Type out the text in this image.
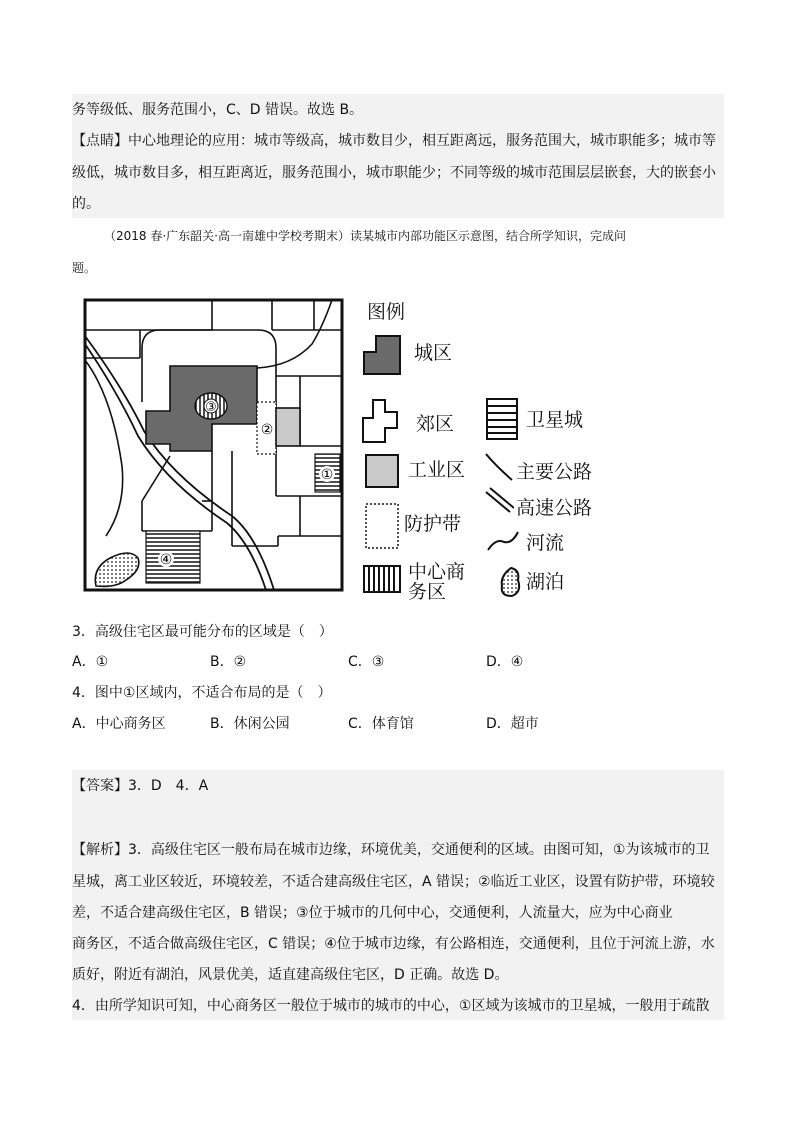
务等级低、服务范围小，C、D 错误。故选 B。
【点睛】中心地理论的应用：城市等级高，城市数目少，相互距离远，服务范围大，城市职能多；城市等
级低，城市数目多，相互距离近，服务范围小，城市职能少；不同等级的城市范围层层嵌套，大的嵌套小
的。
（2018 春·广东韶关·高一南雄中学校考期末）读某城市内部功能区示意图，结合所学知识，完成问
题。
③
②
①
④
图例
城区
郊区	卫星城
工业区	主要公路
高速公路
防护带
河流
中心商
务区	湖泊
3．高级住宅区最可能分布的区域是（　）
A．①	B．②	C．③	D．④
4．图中①区域内，不适合布局的是（　）
A．中心商务区	B．休闲公园	C．体育馆	D．超市
【答案】3．D　4．A
【解析】3．高级住宅区一般布局在城市边缘，环境优美，交通便利的区域。由图可知，①为该城市的卫
星城，离工业区较近，环境较差，不适合建高级住宅区，A 错误；②临近工业区，设置有防护带，环境较
差，不适合建高级住宅区，B 错误；③位于城市的几何中心，交通便利，人流量大，应为中心商业
商务区，不适合做高级住宅区，C 错误；④位于城市边缘，有公路相连，交通便利，且位于河流上游，水
质好，附近有湖泊，风景优美，适直建高级住宅区，D 正确。故选 D。
4．由所学知识可知，中心商务区一般位于城市的城市的中心，①区域为该城市的卫星城，一般用于疏散
